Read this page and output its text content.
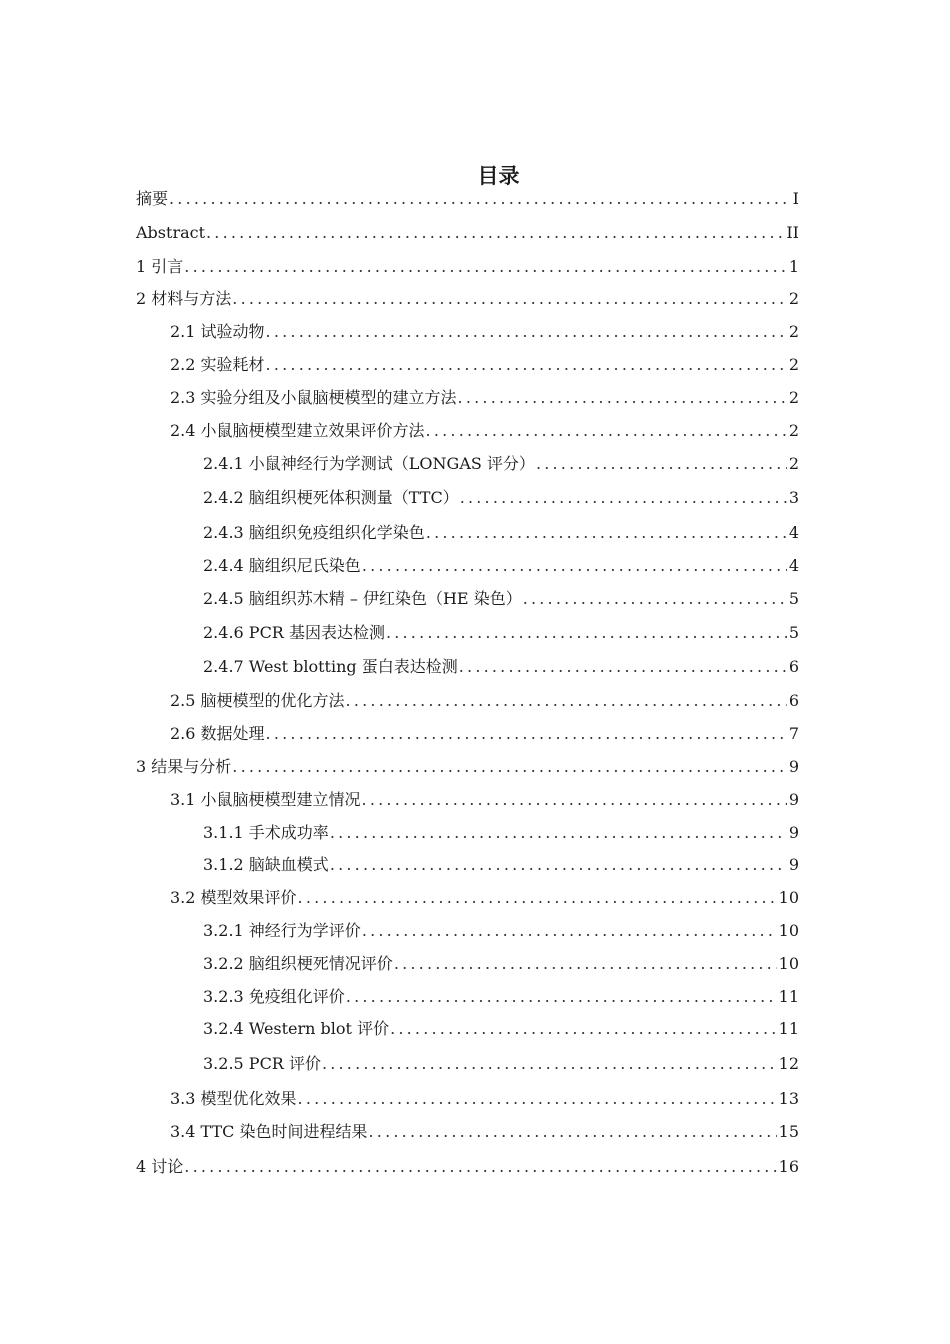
目录
摘要 .....	I
Abstract .....	II
1 引言 .....	1
2 材料与方法 .....	2
2.1 试验动物 .....	2
2.2 实验耗材 .....	2
2.3 实验分组及小鼠脑梗模型的建立方法 .....	2
2.4 小鼠脑梗模型建立效果评价方法 .....	2
2.4.1 小鼠神经行为学测试（LONGAS 评分） .....	2
2.4.2 脑组织梗死体积测量（TTC） .....	3
2.4.3 脑组织免疫组织化学染色 .....	4
2.4.4 脑组织尼氏染色 .....	4
2.4.5 脑组织苏木精 – 伊红染色（HE 染色） .....	5
2.4.6 PCR 基因表达检测 .....	5
2.4.7 West blotting 蛋白表达检测 .....	6
2.5 脑梗模型的优化方法 .....	6
2.6 数据处理 .....	7
3 结果与分析 .....	9
3.1 小鼠脑梗模型建立情况 .....	9
3.1.1 手术成功率 .....	9
3.1.2 脑缺血模式 .....	9
3.2 模型效果评价 .....	10
3.2.1 神经行为学评价 .....	10
3.2.2 脑组织梗死情况评价 .....	10
3.2.3 免疫组化评价 .....	11
3.2.4 Western blot 评价 .....	11
3.2.5 PCR 评价 .....	12
3.3 模型优化效果 .....	13
3.4 TTC 染色时间进程结果 .....	15
4 讨论 .....	16
